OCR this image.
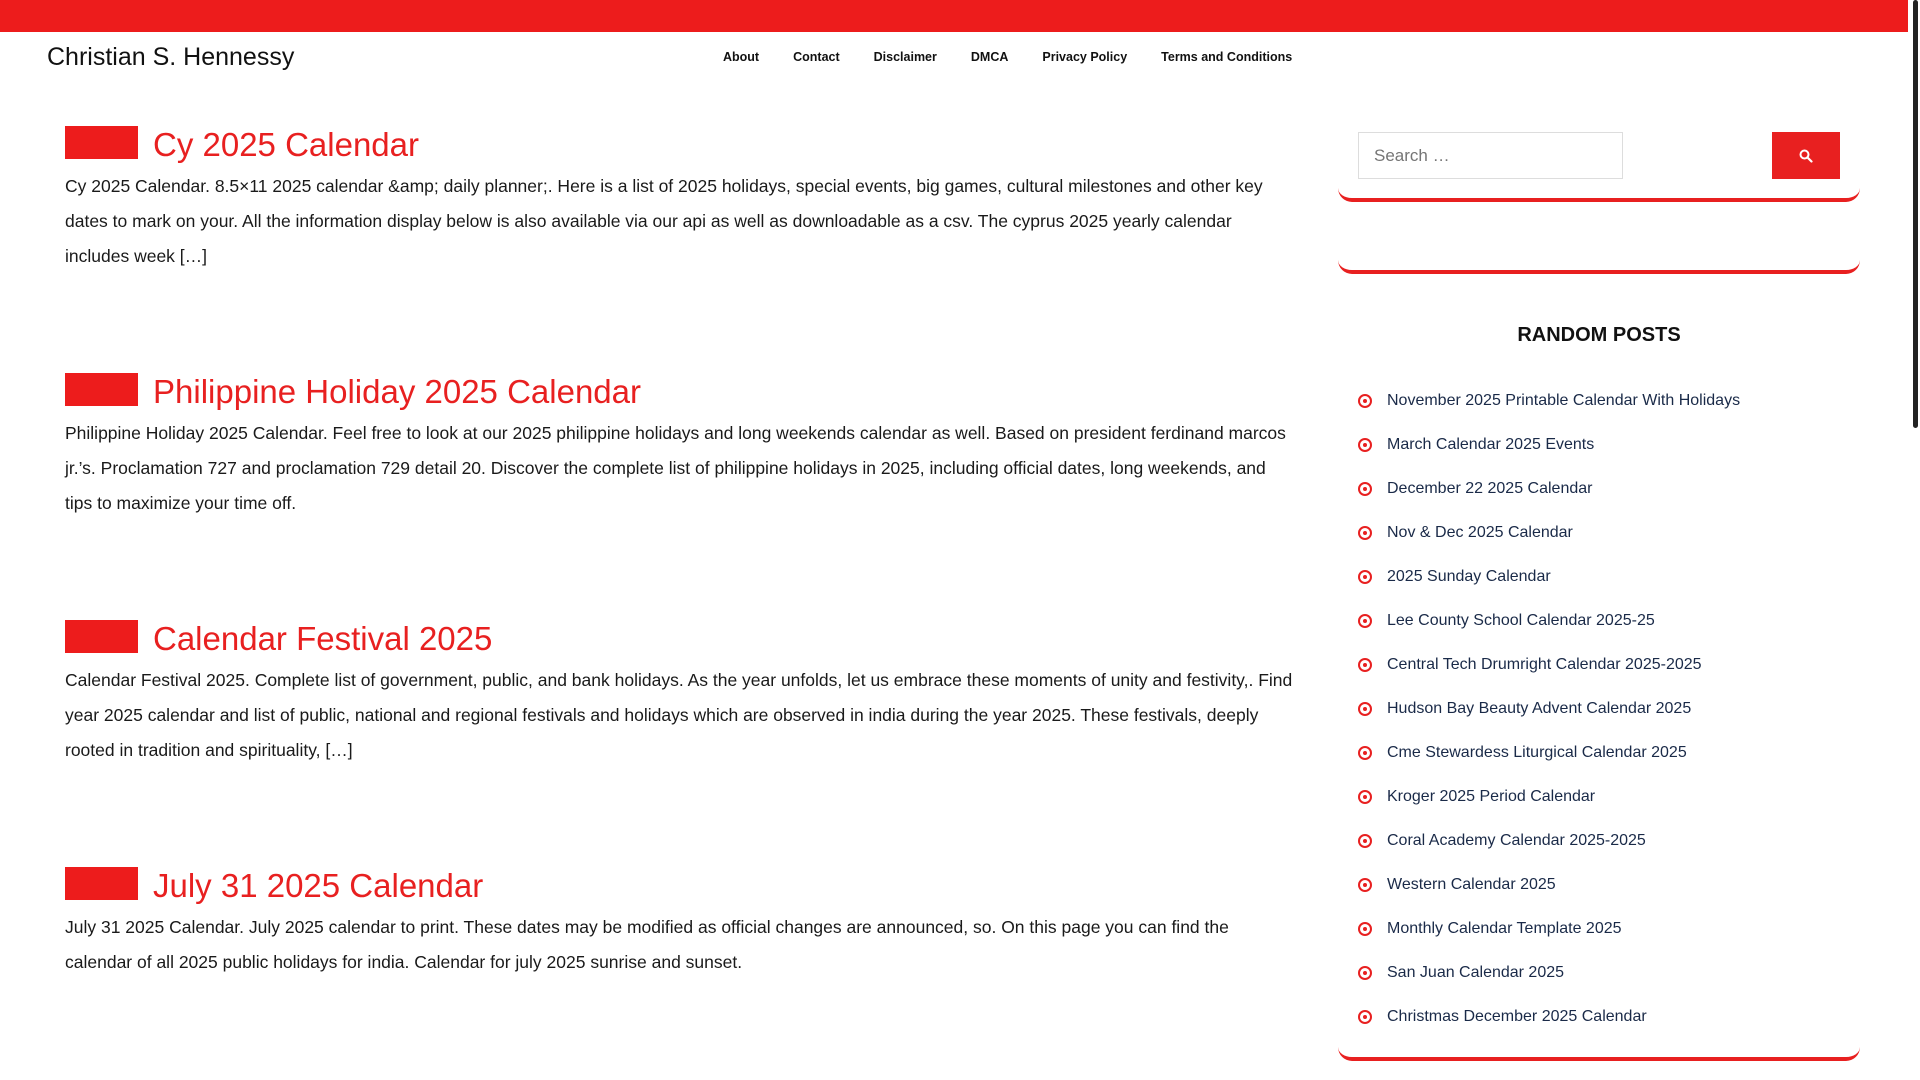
Christian S. Hennessy	About	Contact	Disclaimer	DMCA	Privacy Policy	Terms and Conditions
Cy 2025 Calendar

Cy 2025 Calendar. 8.5×11 2025 calendar &amp; daily planner;. Here is a list of 2025 holidays, special events, big games, cultural milestones and other key dates to mark on your. All the information display below is also available via our api as well as downloadable as a csv. The cyprus 2025 yearly calendar includes week […]

Philippine Holiday 2025 Calendar

Philippine Holiday 2025 Calendar. Feel free to look at our 2025 philippine holidays and long weekends calendar as well. Based on president ferdinand marcos jr.’s. Proclamation 727 and proclamation 729 detail 20. Discover the complete list of philippine holidays in 2025, including official dates, long weekends, and tips to maximize your time off.

Calendar Festival 2025

Calendar Festival 2025. Complete list of government, public, and bank holidays. As the year unfolds, let us embrace these moments of unity and festivity,. Find year 2025 calendar and list of public, national and regional festivals and holidays which are observed in india during the year 2025. These festivals, deeply rooted in tradition and spirituality, […]

July 31 2025 Calendar

July 31 2025 Calendar. July 2025 calendar to print. These dates may be modified as official changes are announced, so. On this page you can find the calendar of all 2025 public holidays for india. Calendar for july 2025 sunrise and sunset.

Search …
RANDOM POSTS
November 2025 Printable Calendar With Holidays
March Calendar 2025 Events
December 22 2025 Calendar
Nov & Dec 2025 Calendar
2025 Sunday Calendar
Lee County School Calendar 2025-25
Central Tech Drumright Calendar 2025-2025
Hudson Bay Beauty Advent Calendar 2025
Cme Stewardess Liturgical Calendar 2025
Kroger 2025 Period Calendar
Coral Academy Calendar 2025-2025
Western Calendar 2025
Monthly Calendar Template 2025
San Juan Calendar 2025
Christmas December 2025 Calendar
